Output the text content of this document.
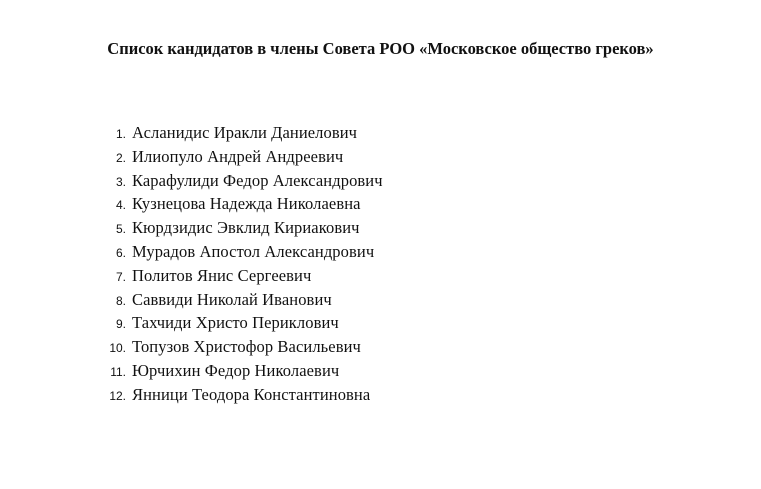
Список кандидатов в члены Совета РОО «Московское общество греков»
1. Асланидис Иракли Даниелович
2. Илиопуло Андрей Андреевич
3. Карафулиди Федор Александрович
4. Кузнецова Надежда Николаевна
5. Кюрдзидис Эвклид Кириакович
6. Мурадов Апостол Александрович
7. Политов Янис Сергеевич
8. Саввиди Николай Иванович
9. Тахчиди Христо Периклович
10. Топузов Христофор Васильевич
11. Юрчихин Федор Николаевич
12. Янници Теодора Константиновна
